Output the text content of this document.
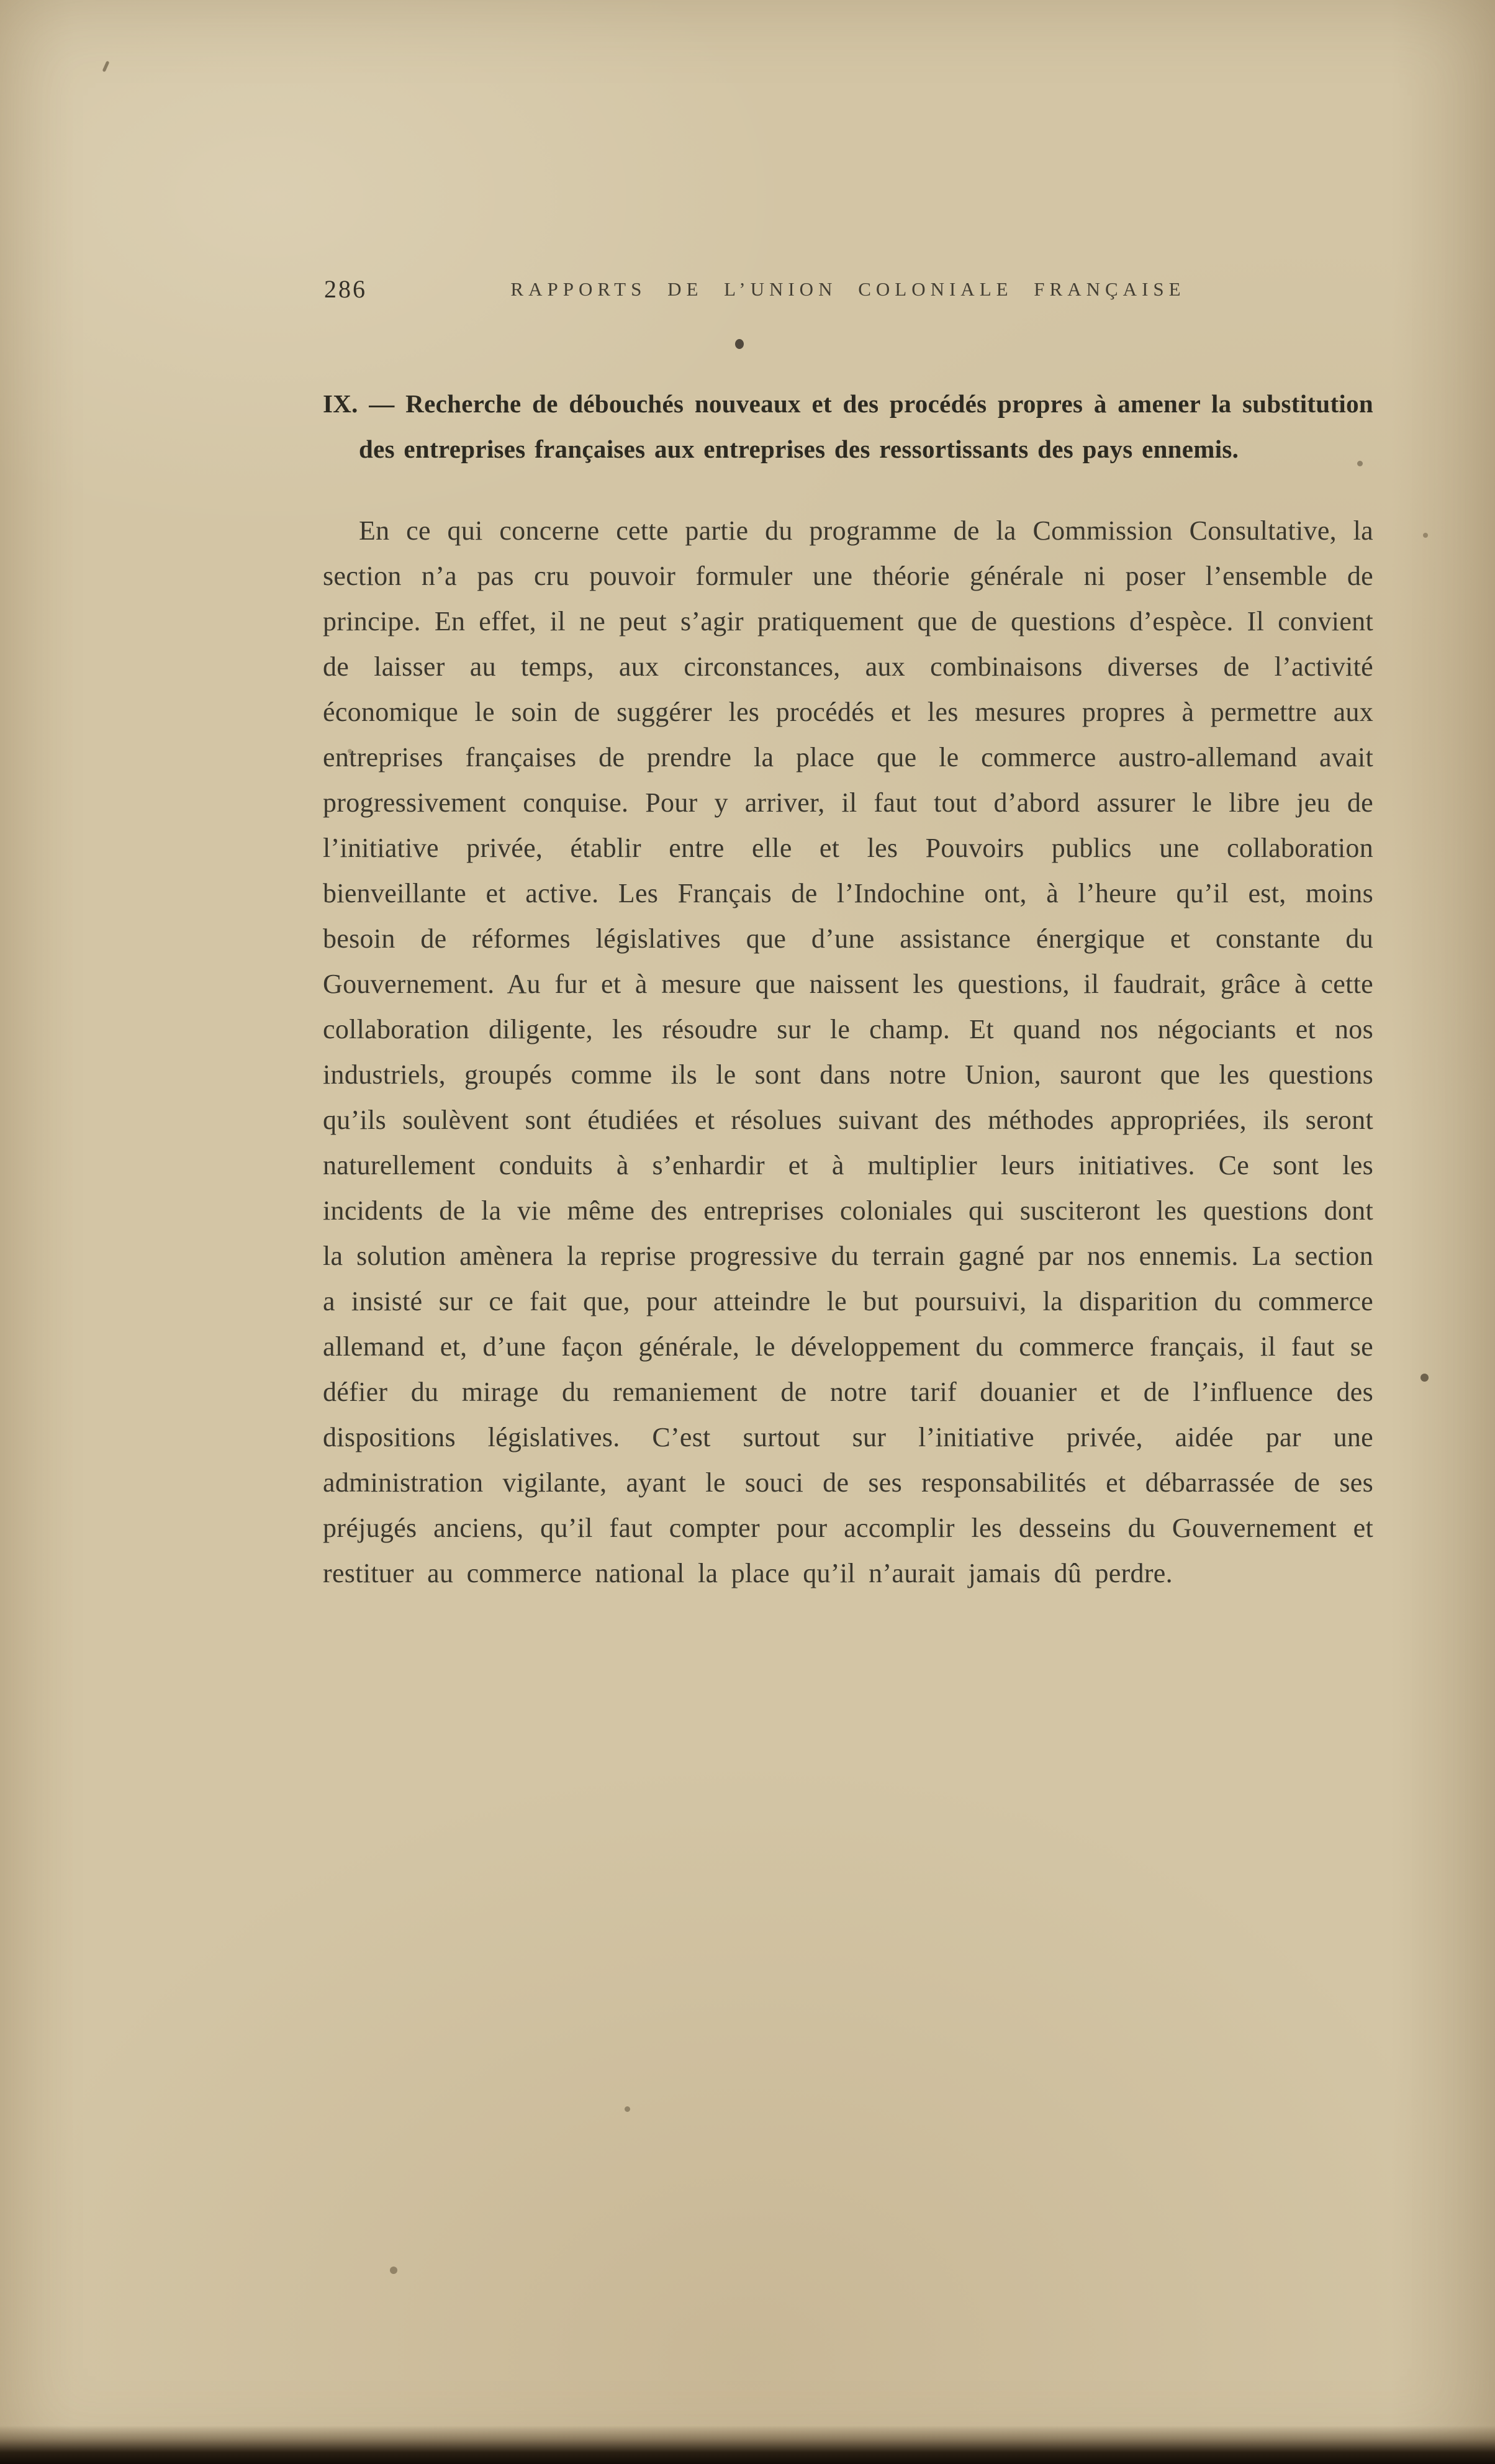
286	RAPPORTS DE L’UNION COLONIALE FRANÇAISE

IX. — Recherche de débouchés nouveaux et des procédés propres à amener la substitution des entreprises françaises aux entreprises des ressortissants des pays ennemis.

En ce qui concerne cette partie du programme de la Commission Consultative, la section n’a pas cru pouvoir formuler une théorie générale ni poser l’ensemble de principe. En effet, il ne peut s’agir pratiquement que de questions d’espèce. Il convient de laisser au temps, aux circonstances, aux combinaisons diverses de l’activité économique le soin de suggérer les procédés et les mesures propres à permettre aux entreprises françaises de prendre la place que le commerce austro-allemand avait progressivement conquise. Pour y arriver, il faut tout d’abord assurer le libre jeu de l’initiative privée, établir entre elle et les Pouvoirs publics une collaboration bienveillante et active. Les Français de l’Indochine ont, à l’heure qu’il est, moins besoin de réformes législatives que d’une assistance énergique et constante du Gouvernement. Au fur et à mesure que naissent les questions, il faudrait, grâce à cette collaboration diligente, les résoudre sur le champ. Et quand nos négociants et nos industriels, groupés comme ils le sont dans notre Union, sauront que les questions qu’ils soulèvent sont étudiées et résolues suivant des méthodes appropriées, ils seront naturellement conduits à s’enhardir et à multiplier leurs initiatives. Ce sont les incidents de la vie même des entreprises coloniales qui susciteront les questions dont la solution amènera la reprise progressive du terrain gagné par nos ennemis. La section a insisté sur ce fait que, pour atteindre le but poursuivi, la disparition du commerce allemand et, d’une façon générale, le développement du commerce français, il faut se défier du mirage du remaniement de notre tarif douanier et de l’influence des dispositions législatives. C’est surtout sur l’initiative privée, aidée par une administration vigilante, ayant le souci de ses responsabilités et débarrassée de ses préjugés anciens, qu’il faut compter pour accomplir les desseins du Gouvernement et restituer au commerce national la place qu’il n’aurait jamais dû perdre.
